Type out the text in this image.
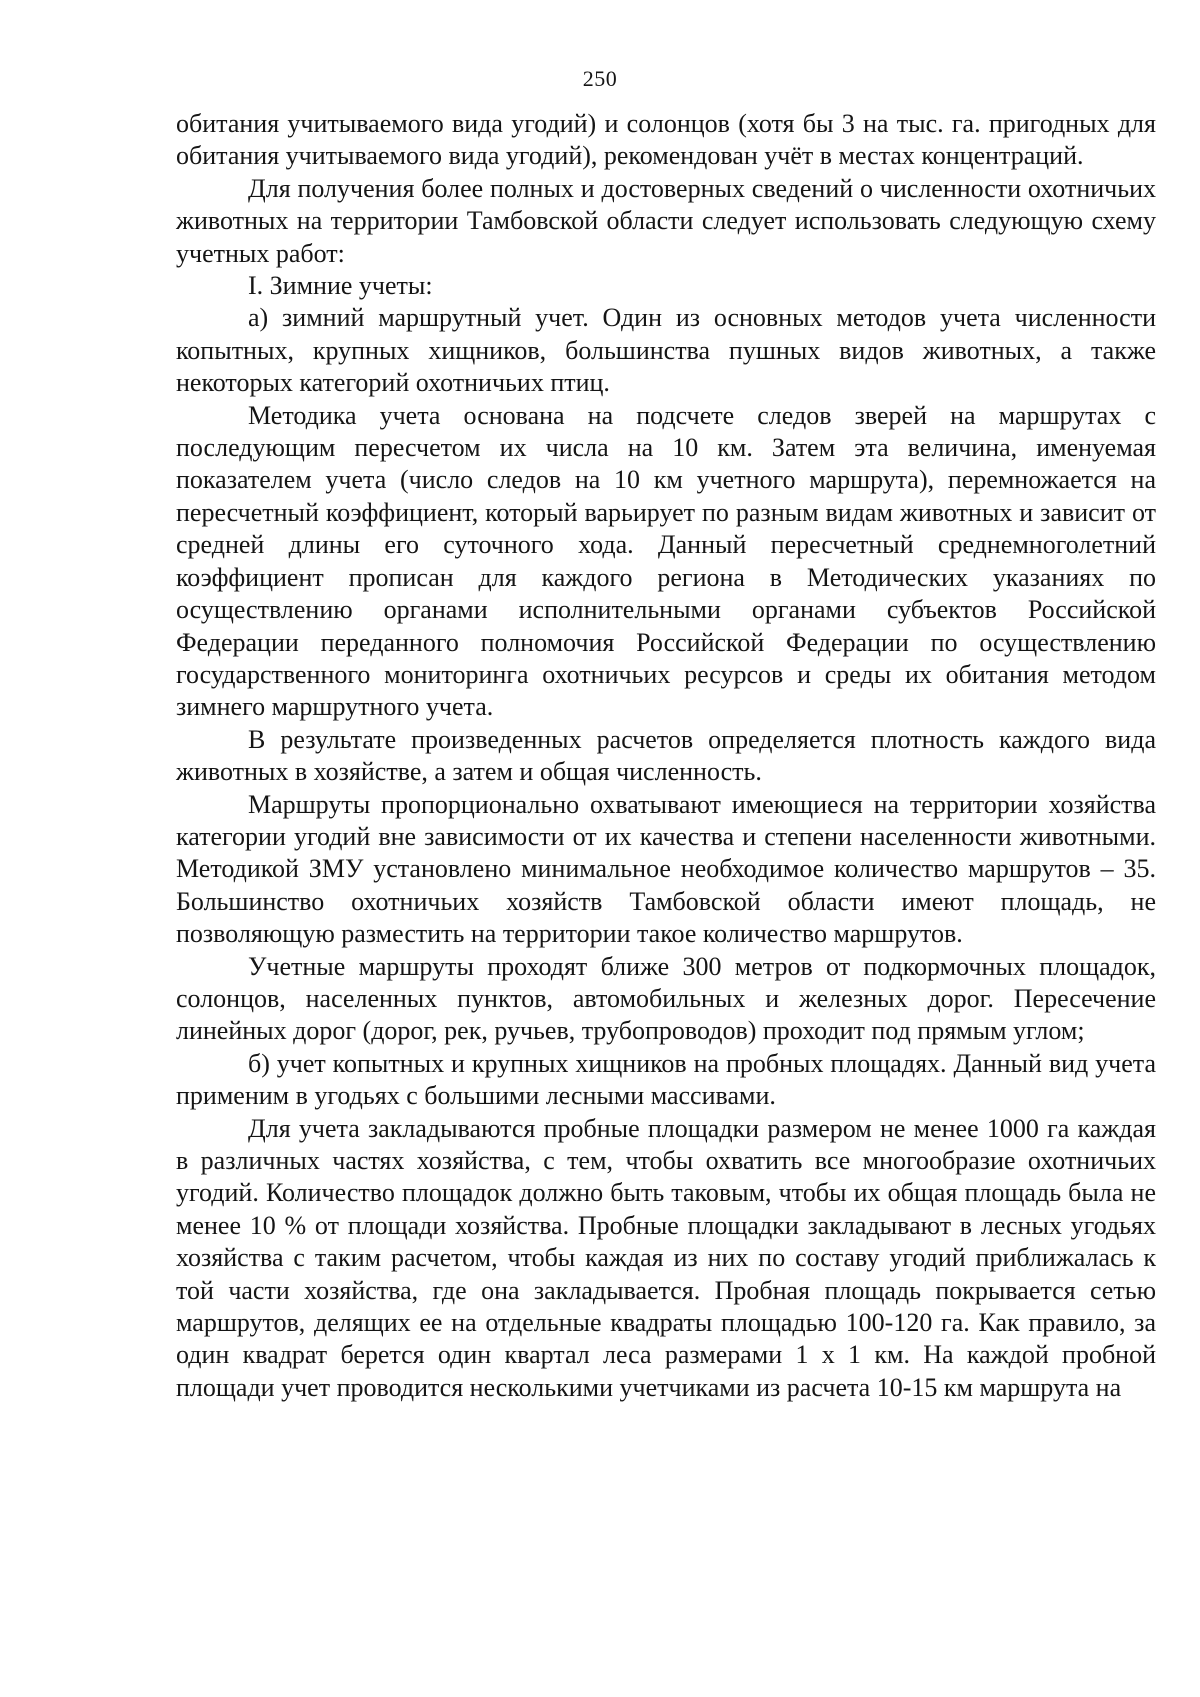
250

обитания учитываемого вида угодий) и солонцов (хотя бы 3 на тыс. га. пригодных для обитания учитываемого вида угодий), рекомендован учёт в местах концентраций.

Для получения более полных и достоверных сведений о численности охотничьих животных на территории Тамбовской области следует использовать следующую схему учетных работ:

I. Зимние учеты:

а) зимний маршрутный учет. Один из основных методов учета численности копытных, крупных хищников, большинства пушных видов животных, а также некоторых категорий охотничьих птиц.

Методика учета основана на подсчете следов зверей на маршрутах с последующим пересчетом их числа на 10 км. Затем эта величина, именуемая показателем учета (число следов на 10 км учетного маршрута), перемножается на пересчетный коэффициент, который варьирует по разным видам животных и зависит от средней длины его суточного хода. Данный пересчетный среднемноголетний коэффициент прописан для каждого региона в Методических указаниях по осуществлению органами исполнительными органами субъектов Российской Федерации переданного полномочия Российской Федерации по осуществлению государственного мониторинга охотничьих ресурсов и среды их обитания методом зимнего маршрутного учета.

В результате произведенных расчетов определяется плотность каждого вида животных в хозяйстве, а затем и общая численность.

Маршруты пропорционально охватывают имеющиеся на территории хозяйства категории угодий вне зависимости от их качества и степени населенности животными. Методикой ЗМУ установлено минимальное необходимое количество маршрутов – 35. Большинство охотничьих хозяйств Тамбовской области имеют площадь, не позволяющую разместить на территории такое количество маршрутов.

Учетные маршруты проходят ближе 300 метров от подкормочных площадок, солонцов, населенных пунктов, автомобильных и железных дорог. Пересечение линейных дорог (дорог, рек, ручьев, трубопроводов) проходит под прямым углом;

б) учет копытных и крупных хищников на пробных площадях. Данный вид учета применим в угодьях с большими лесными массивами.

Для учета закладываются пробные площадки размером не менее 1000 га каждая в различных частях хозяйства, с тем, чтобы охватить все многообразие охотничьих угодий. Количество площадок должно быть таковым, чтобы их общая площадь была не менее 10 % от площади хозяйства. Пробные площадки закладывают в лесных угодьях хозяйства с таким расчетом, чтобы каждая из них по составу угодий приближалась к той части хозяйства, где она закладывается. Пробная площадь покрывается сетью маршрутов, делящих ее на отдельные квадраты площадью 100-120 га. Как правило, за один квадрат берется один квартал леса размерами 1 х 1 км. На каждой пробной площади учет проводится несколькими учетчиками из расчета 10-15 км маршрута на
